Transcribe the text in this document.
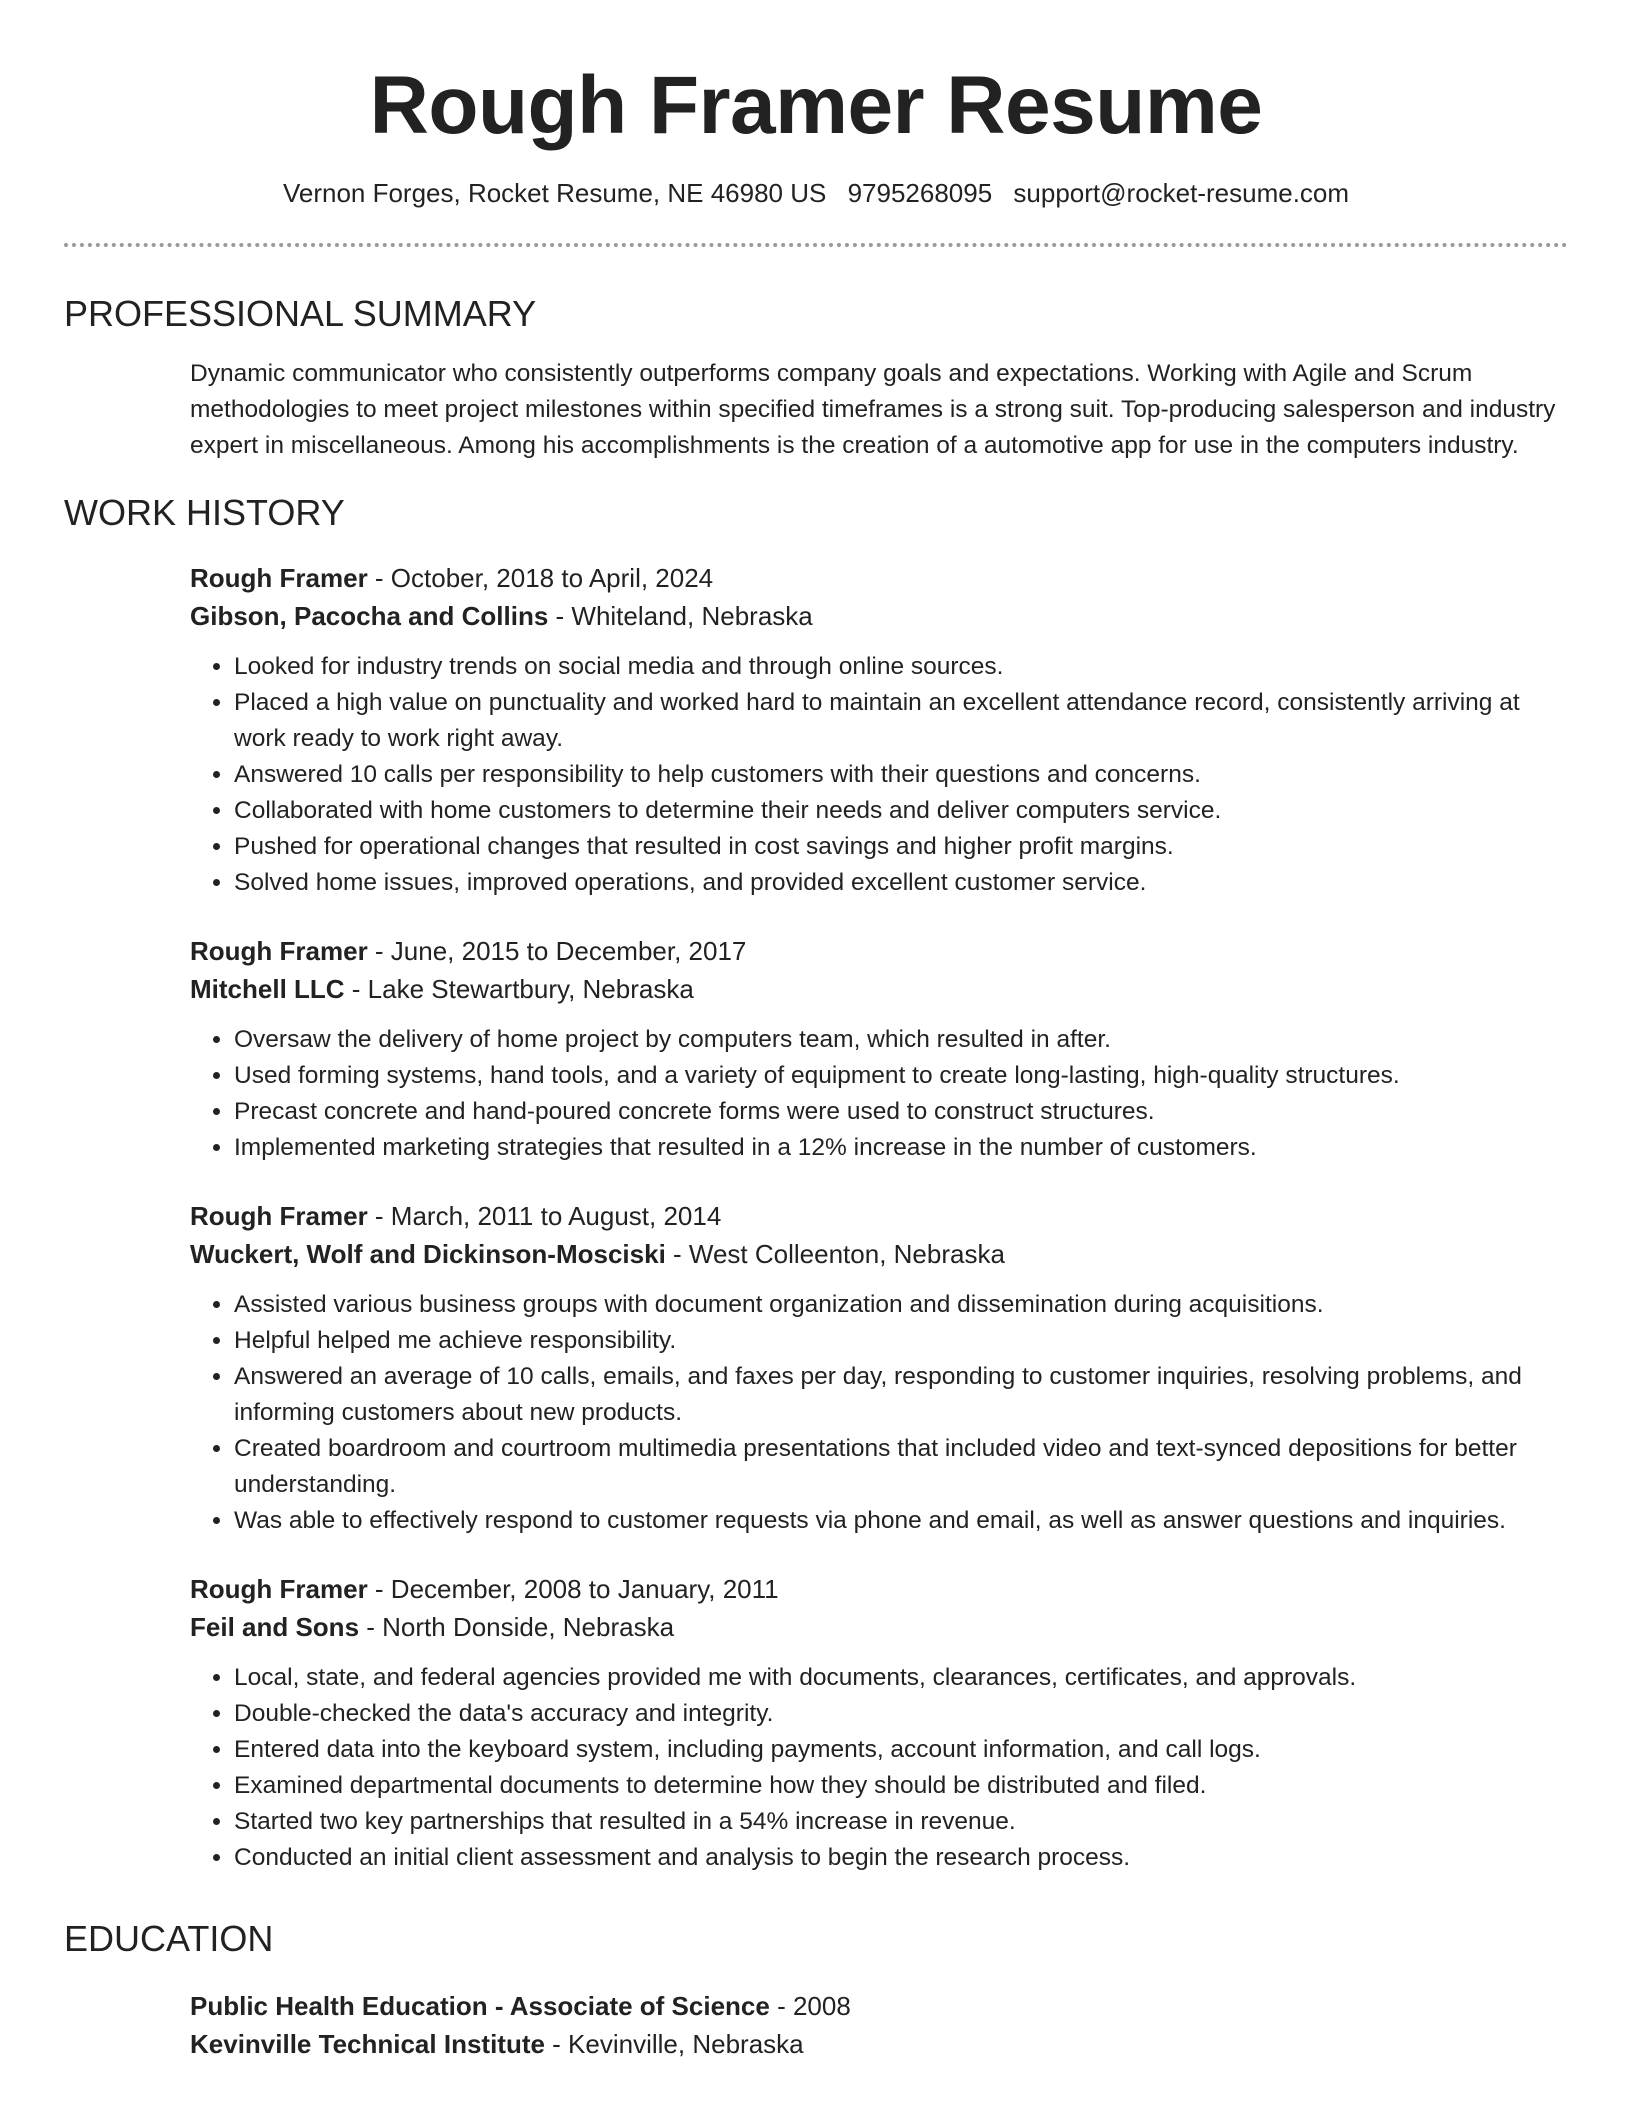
Rough Framer Resume
Vernon Forges, Rocket Resume, NE 46980 US 9795268095 support@rocket-resume.com
PROFESSIONAL SUMMARY

Dynamic communicator who consistently outperforms company goals and expectations. Working with Agile and Scrum methodologies to meet project milestones within specified timeframes is a strong suit. Top-producing salesperson and industry expert in miscellaneous. Among his accomplishments is the creation of a automotive app for use in the computers industry.

WORK HISTORY
Rough Framer - October, 2018 to April, 2024
Gibson, Pacocha and Collins - Whiteland, Nebraska
• Looked for industry trends on social media and through online sources.
• Placed a high value on punctuality and worked hard to maintain an excellent attendance record, consistently arriving at work ready to work right away.
• Answered 10 calls per responsibility to help customers with their questions and concerns.
• Collaborated with home customers to determine their needs and deliver computers service.
• Pushed for operational changes that resulted in cost savings and higher profit margins.
• Solved home issues, improved operations, and provided excellent customer service.
Rough Framer - June, 2015 to December, 2017
Mitchell LLC - Lake Stewartbury, Nebraska
• Oversaw the delivery of home project by computers team, which resulted in after.
• Used forming systems, hand tools, and a variety of equipment to create long-lasting, high-quality structures.
• Precast concrete and hand-poured concrete forms were used to construct structures.
• Implemented marketing strategies that resulted in a 12% increase in the number of customers.
Rough Framer - March, 2011 to August, 2014
Wuckert, Wolf and Dickinson-Mosciski - West Colleenton, Nebraska
• Assisted various business groups with document organization and dissemination during acquisitions.
• Helpful helped me achieve responsibility.
• Answered an average of 10 calls, emails, and faxes per day, responding to customer inquiries, resolving problems, and informing customers about new products.
• Created boardroom and courtroom multimedia presentations that included video and text-synced depositions for better understanding.
• Was able to effectively respond to customer requests via phone and email, as well as answer questions and inquiries.
Rough Framer - December, 2008 to January, 2011
Feil and Sons - North Donside, Nebraska
• Local, state, and federal agencies provided me with documents, clearances, certificates, and approvals.
• Double-checked the data's accuracy and integrity.
• Entered data into the keyboard system, including payments, account information, and call logs.
• Examined departmental documents to determine how they should be distributed and filed.
• Started two key partnerships that resulted in a 54% increase in revenue.
• Conducted an initial client assessment and analysis to begin the research process.
EDUCATION
Public Health Education - Associate of Science - 2008
Kevinville Technical Institute - Kevinville, Nebraska
